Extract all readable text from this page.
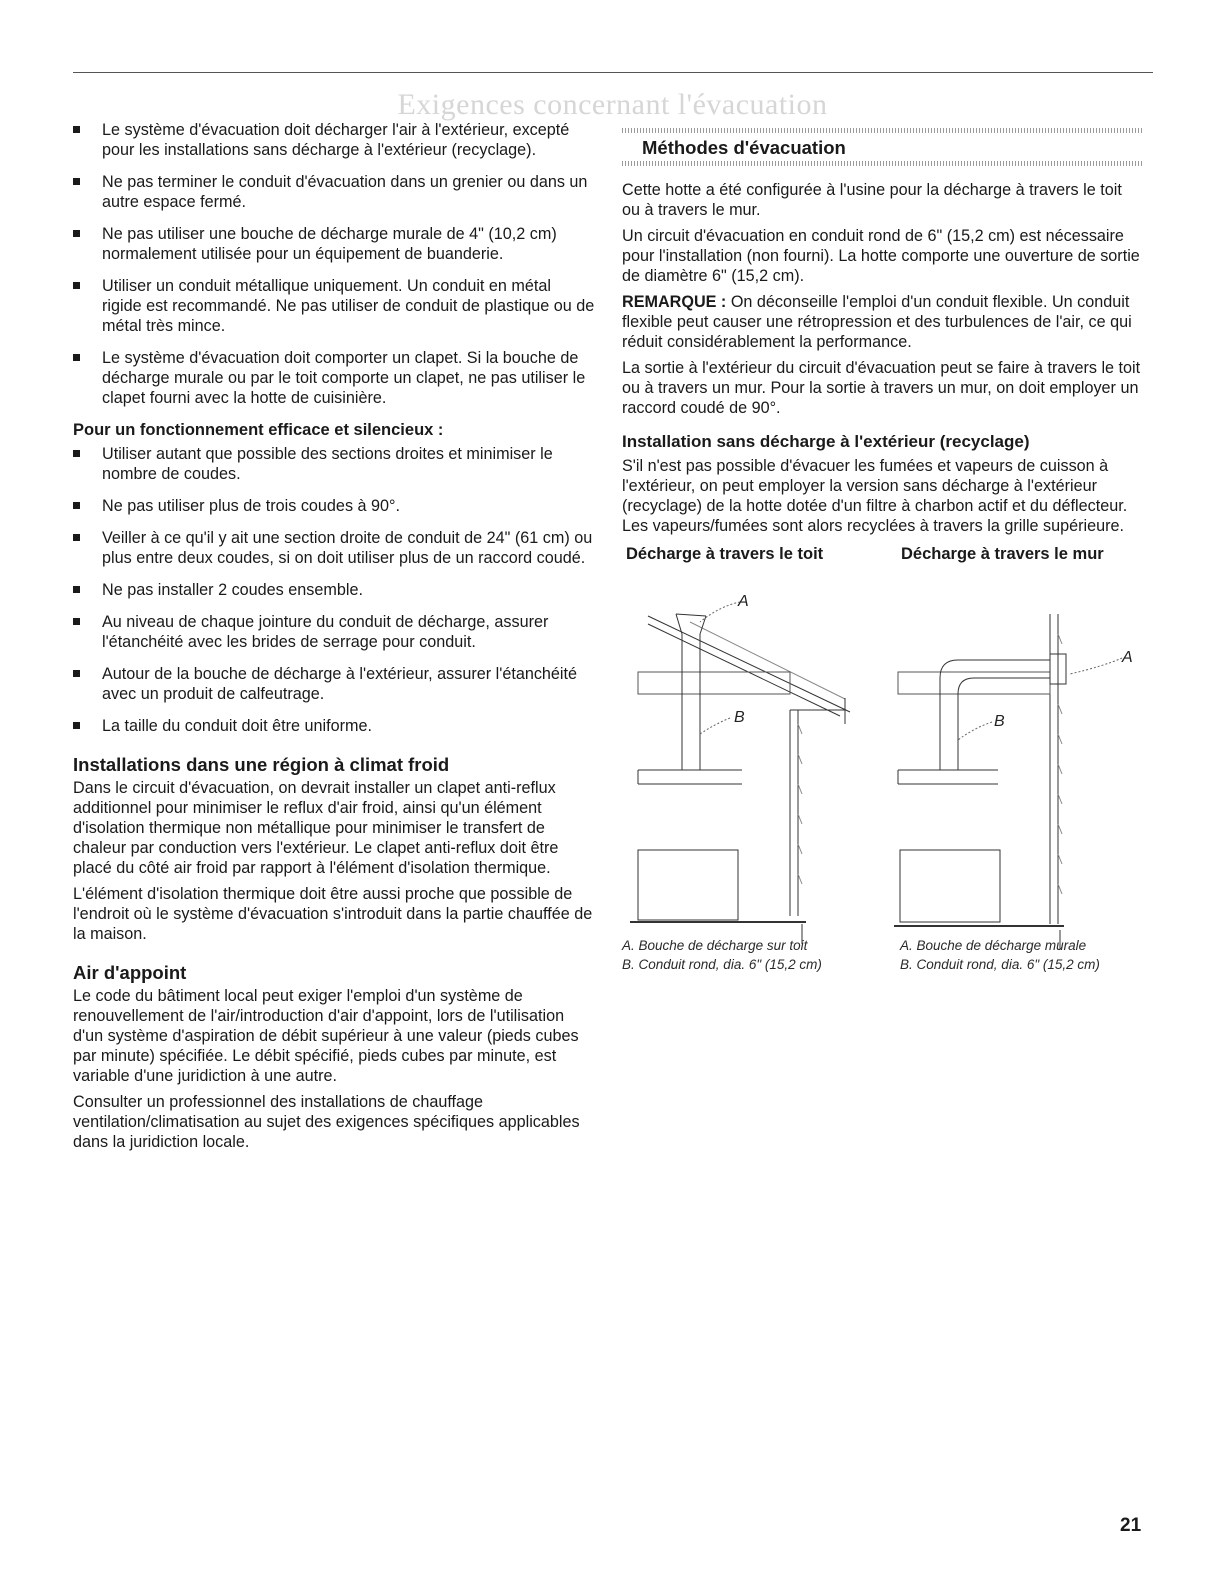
Exigences concernant l'évacuation
Le système d'évacuation doit décharger l'air à l'extérieur, excepté pour les installations sans décharge à l'extérieur (recyclage).
Ne pas terminer le conduit d'évacuation dans un grenier ou dans un autre espace fermé.
Ne pas utiliser une bouche de décharge murale de 4" (10,2 cm) normalement utilisée pour un équipement de buanderie.
Utiliser un conduit métallique uniquement. Un conduit en métal rigide est recommandé. Ne pas utiliser de conduit de plastique ou de métal très mince.
Le système d'évacuation doit comporter un clapet. Si la bouche de décharge murale ou par le toit comporte un clapet, ne pas utiliser le clapet fourni avec la hotte de cuisinière.
Pour un fonctionnement efficace et silencieux :
Utiliser autant que possible des sections droites et minimiser le nombre de coudes.
Ne pas utiliser plus de trois coudes à 90°.
Veiller à ce qu'il y ait une section droite de conduit de 24" (61 cm) ou plus entre deux coudes, si on doit utiliser plus de un raccord coudé.
Ne pas installer 2 coudes ensemble.
Au niveau de chaque jointure du conduit de décharge, assurer l'étanchéité avec les brides de serrage pour conduit.
Autour de la bouche de décharge à l'extérieur, assurer l'étanchéité avec un produit de calfeutrage.
La taille du conduit doit être uniforme.
Installations dans une région à climat froid

Dans le circuit d'évacuation, on devrait installer un clapet anti-reflux additionnel pour minimiser le reflux d'air froid, ainsi qu'un élément d'isolation thermique non métallique pour minimiser le transfert de chaleur par conduction vers l'extérieur. Le clapet anti-reflux doit être placé du côté air froid par rapport à l'élément d'isolation thermique.

L'élément d'isolation thermique doit être aussi proche que possible de l'endroit où le système d'évacuation s'introduit dans la partie chauffée de la maison.

Air d'appoint

Le code du bâtiment local peut exiger l'emploi d'un système de renouvellement de l'air/introduction d'air d'appoint, lors de l'utilisation d'un système d'aspiration de débit supérieur à une valeur (pieds cubes par minute) spécifiée. Le débit spécifié, pieds cubes par minute, est variable d'une juridiction à une autre.

Consulter un professionnel des installations de chauffage ventilation/climatisation au sujet des exigences spécifiques applicables dans la juridiction locale.

Méthodes d'évacuation

Cette hotte a été configurée à l'usine pour la décharge à travers le toit ou à travers le mur.

Un circuit d'évacuation en conduit rond de 6" (15,2 cm) est nécessaire pour l'installation (non fourni). La hotte comporte une ouverture de sortie de diamètre 6" (15,2 cm).

REMARQUE : On déconseille l'emploi d'un conduit flexible. Un conduit flexible peut causer une rétropression et des turbulences de l'air, ce qui réduit considérablement la performance.

La sortie à l'extérieur du circuit d'évacuation peut se faire à travers le toit ou à travers un mur. Pour la sortie à travers un mur, on doit employer un raccord coudé de 90°.

Installation sans décharge à l'extérieur (recyclage)

S'il n'est pas possible d'évacuer les fumées et vapeurs de cuisson à l'extérieur, on peut employer la version sans décharge à l'extérieur (recyclage) de la hotte dotée d'un filtre à charbon actif et du déflecteur. Les vapeurs/fumées sont alors recyclées à travers la grille supérieure.

Décharge à travers le toit	Décharge à travers le mur
A
B
A
B
A. Bouche de décharge sur toit
B. Conduit rond, dia. 6" (15,2 cm)
A. Bouche de décharge murale
B. Conduit rond, dia. 6" (15,2 cm)
21
